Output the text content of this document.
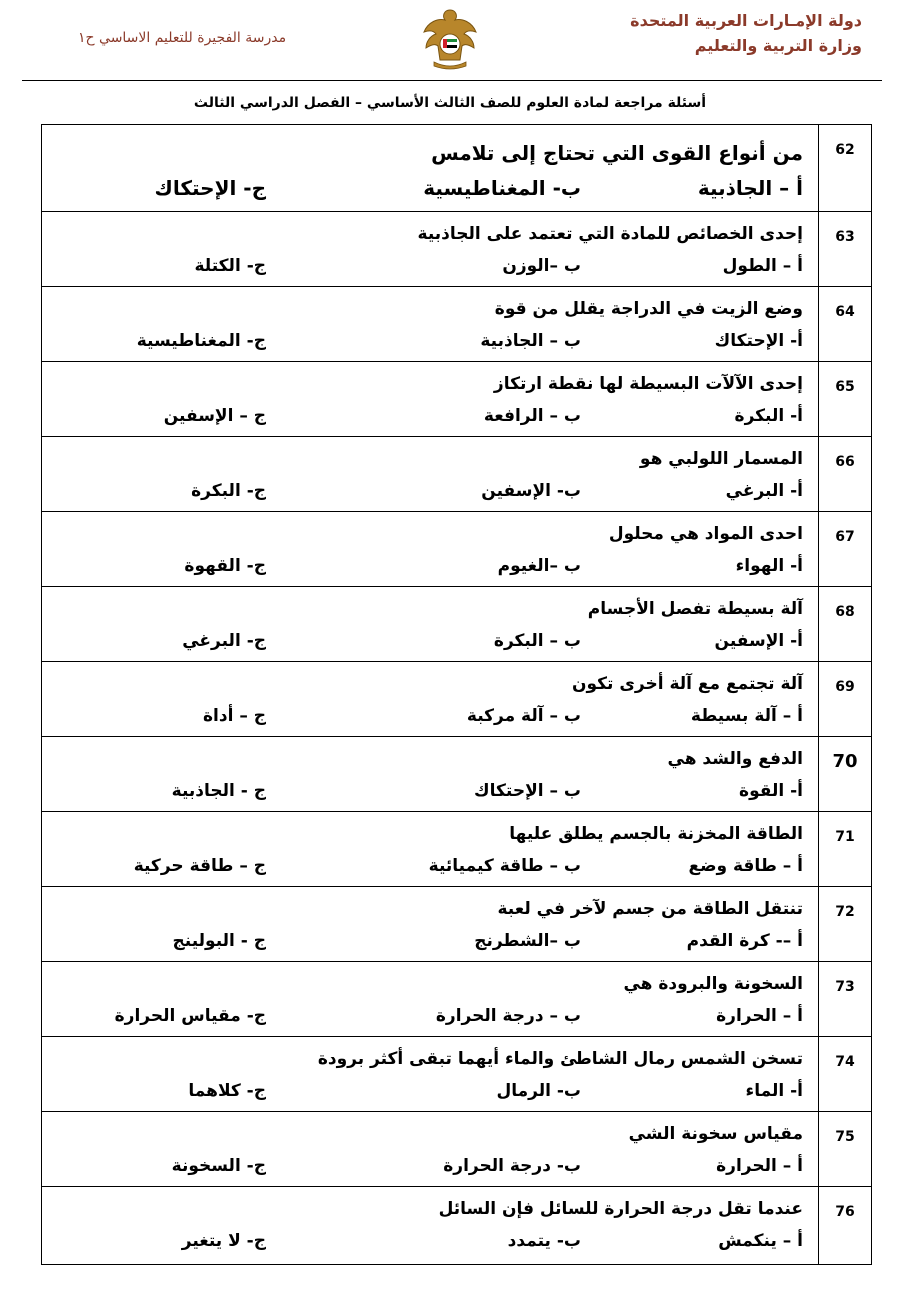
دولة الإمـارات العربية المتحدة
وزارة التربية والتعليم
مدرسة الفجيرة للتعليم الاساسي ح١
أسئلة مراجعة لمادة العلوم للصف الثالث الأساسي – الفصل الدراسي الثالث
62
من أنواع القوى التي تحتاج إلى تلامس
أ – الجاذبية
ب- المغناطيسية
ج- الإحتكاك
63
إحدى الخصائص للمادة التي تعتمد على الجاذبية
أ – الطول
ب –الوزن
ج- الكتلة
64
وضع الزيت في الدراجة يقلل من قوة
أ- الإحتكاك
ب – الجاذبية
ج- المغناطيسية
65
إحدى الآلآت البسيطة لها نقطة ارتكاز
أ- البكرة
ب – الرافعة
ج – الإسفين
66
المسمار اللولبي هو
أ- البرغي
ب- الإسفين
ج- البكرة
67
احدى المواد هي محلول
أ- الهواء
ب –الغيوم
ج- القهوة
68
آلة بسيطة تفصل الأجسام
أ- الإسفين
ب – البكرة
ج- البرغي
69
آلة تجتمع مع آلة أخرى تكون
أ – آلة بسيطة
ب – آلة مركبة
ج – أداة
70
الدفع والشد هي
أ- القوة
ب – الإحتكاك
ج - الجاذبية
71
الطاقة المخزنة بالجسم يطلق عليها
أ – طاقة وضع
ب – طاقة كيميائية
ج – طاقة حركية
72
تنتقل الطاقة من جسم لآخر في لعبة
أ –- كرة القدم
ب –الشطرنج
ج - البولينج
73
السخونة والبرودة هي
أ – الحرارة
ب – درجة الحرارة
ج- مقياس الحرارة
74
تسخن الشمس رمال الشاطئ والماء أيهما تبقى أكثر برودة
أ- الماء
ب- الرمال
ج- كلاهما
75
مقياس سخونة الشي
أ – الحرارة
ب- درجة الحرارة
ج- السخونة
76
عندما تقل درجة الحرارة للسائل فإن السائل
أ – ينكمش
ب- يتمدد
ج- لا يتغير
